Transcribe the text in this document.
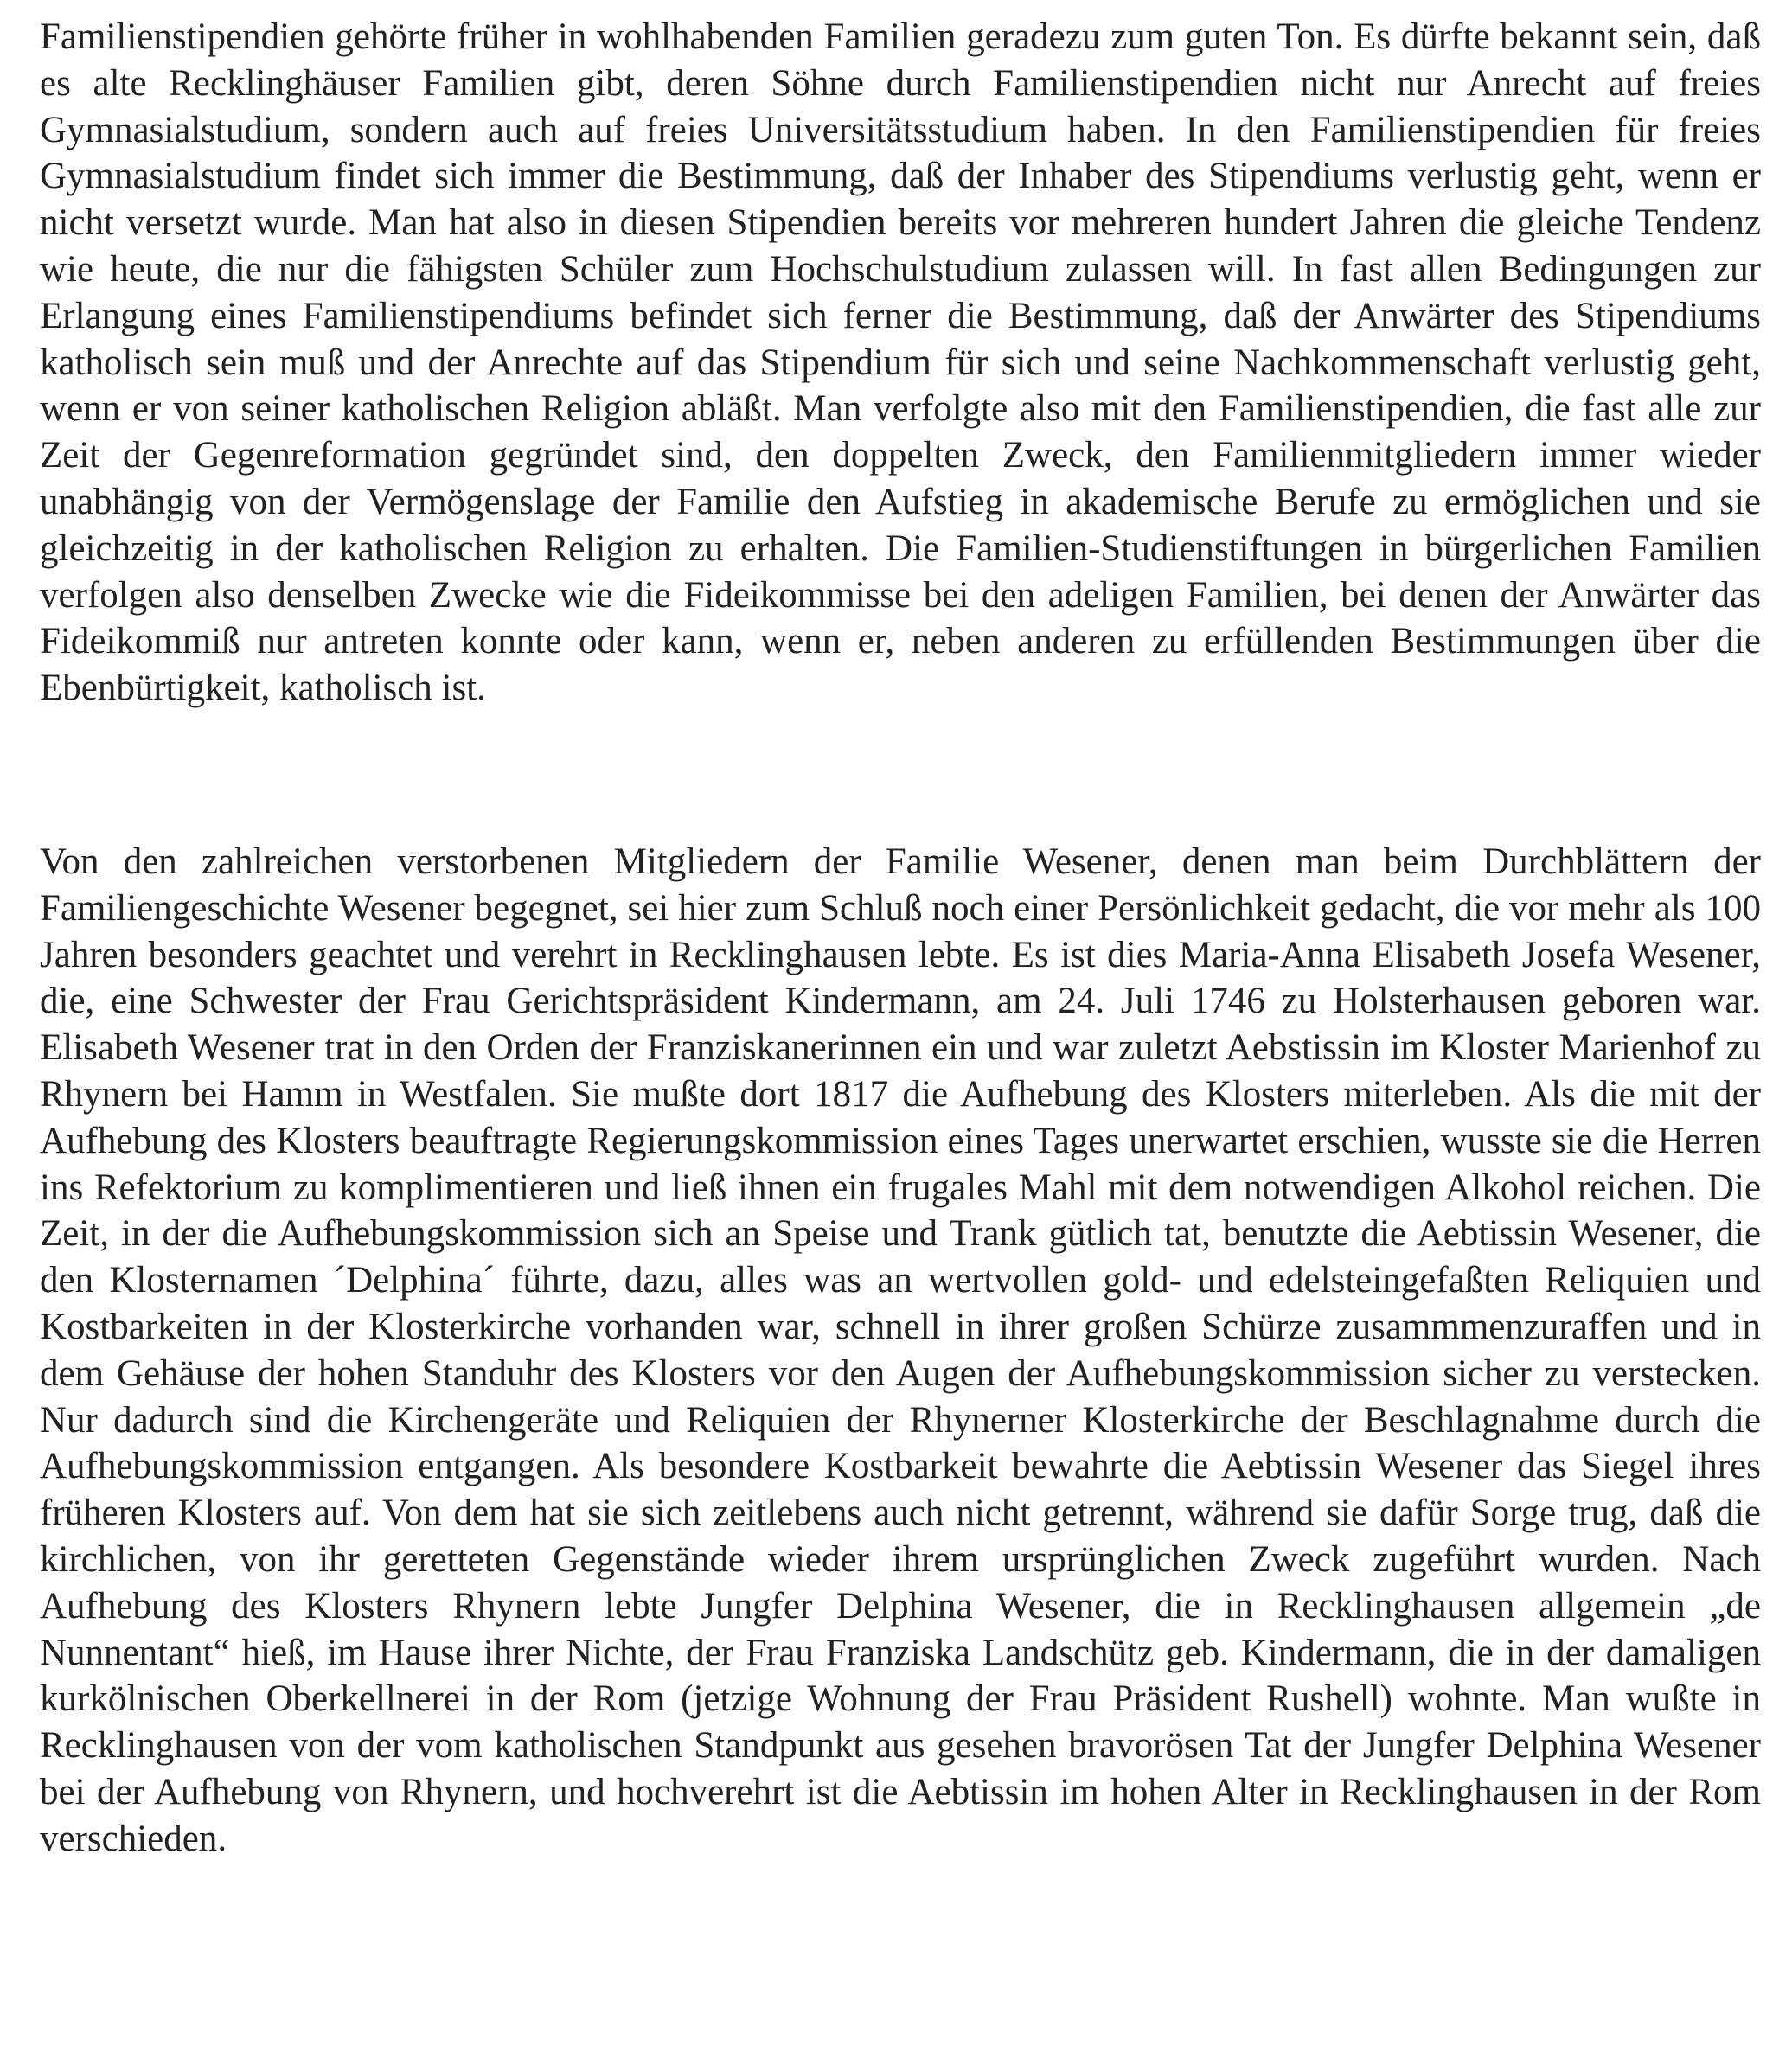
Familienstipendien gehörte früher in wohlhabenden Familien geradezu zum guten Ton. Es dürfte bekannt sein, daß es alte Recklinghäuser Familien gibt, deren Söhne durch Familienstipendien nicht nur Anrecht auf freies Gymnasialstudium, sondern auch auf freies Universitätsstudium haben. In den Familienstipendien für freies Gymnasialstudium findet sich immer die Bestimmung, daß der Inhaber des Stipendiums verlustig geht, wenn er nicht versetzt wurde. Man hat also in diesen Stipendien bereits vor mehreren hundert Jahren die gleiche Tendenz wie heute, die nur die fähigsten Schüler zum Hochschulstudium zulassen will. In fast allen Bedingungen zur Erlangung eines Familienstipendiums befindet sich ferner die Bestimmung, daß der Anwärter des Stipendiums katholisch sein muß und der Anrechte auf das Stipendium für sich und seine Nachkommenschaft verlustig geht, wenn er von seiner katholischen Religion abläßt. Man verfolgte also mit den Familienstipendien, die fast alle zur Zeit der Gegenreformation gegründet sind, den doppelten Zweck, den Familienmitgliedern immer wieder unabhängig von der Vermögenslage der Familie den Aufstieg in akademische Berufe zu ermöglichen und sie gleichzeitig in der katholischen Religion zu erhalten. Die Familien-Studienstiftungen in bürgerlichen Familien verfolgen also denselben Zwecke wie die Fideikommisse bei den adeligen Familien, bei denen der Anwärter das Fideikommiß nur antreten konnte oder kann, wenn er, neben anderen zu erfüllenden Bestimmungen über die Ebenbürtigkeit, katholisch ist.

Von den zahlreichen verstorbenen Mitgliedern der Familie Wesener, denen man beim Durchblättern der Familiengeschichte Wesener begegnet, sei hier zum Schluß noch einer Persönlichkeit gedacht, die vor mehr als 100 Jahren besonders geachtet und verehrt in Recklinghausen lebte. Es ist dies Maria-Anna Elisabeth Josefa Wesener, die, eine Schwester der Frau Gerichtspräsident Kindermann, am 24. Juli 1746 zu Holsterhausen geboren war. Elisabeth Wesener trat in den Orden der Franziskanerinnen ein und war zuletzt Aebstissin im Kloster Marienhof zu Rhynern bei Hamm in Westfalen. Sie mußte dort 1817 die Aufhebung des Klosters miterleben. Als die mit der Aufhebung des Klosters beauftragte Regierungskommission eines Tages unerwartet erschien, wusste sie die Herren ins Refektorium zu komplimentieren und ließ ihnen ein frugales Mahl mit dem notwendigen Alkohol reichen. Die Zeit, in der die Aufhebungskommission sich an Speise und Trank gütlich tat, benutzte die Aebtissin Wesener, die den Klosternamen ´Delphina´ führte, dazu, alles was an wertvollen gold- und edelsteingefaßten Reliquien und Kostbarkeiten in der Klosterkirche vorhanden war, schnell in ihrer großen Schürze zusammmenzuraffen und in dem Gehäuse der hohen Standuhr des Klosters vor den Augen der Aufhebungskommission sicher zu verstecken. Nur dadurch sind die Kirchengeräte und Reliquien der Rhynerner Klosterkirche der Beschlagnahme durch die Aufhebungskommission entgangen. Als besondere Kostbarkeit bewahrte die Aebtissin Wesener das Siegel ihres früheren Klosters auf. Von dem hat sie sich zeitlebens auch nicht getrennt, während sie dafür Sorge trug, daß die kirchlichen, von ihr geretteten Gegenstände wieder ihrem ursprünglichen Zweck zugeführt wurden. Nach Aufhebung des Klosters Rhynern lebte Jungfer Delphina Wesener, die in Recklinghausen allgemein „de Nunnentant“ hieß, im Hause ihrer Nichte, der Frau Franziska Landschütz geb. Kindermann, die in der damaligen kurkölnischen Oberkellnerei in der Rom (jetzige Wohnung der Frau Präsident Rushell) wohnte. Man wußte in Recklinghausen von der vom katholischen Standpunkt aus gesehen bravorösen Tat der Jungfer Delphina Wesener bei der Aufhebung von Rhynern, und hochverehrt ist die Aebtissin im hohen Alter in Recklinghausen in der Rom verschieden.
